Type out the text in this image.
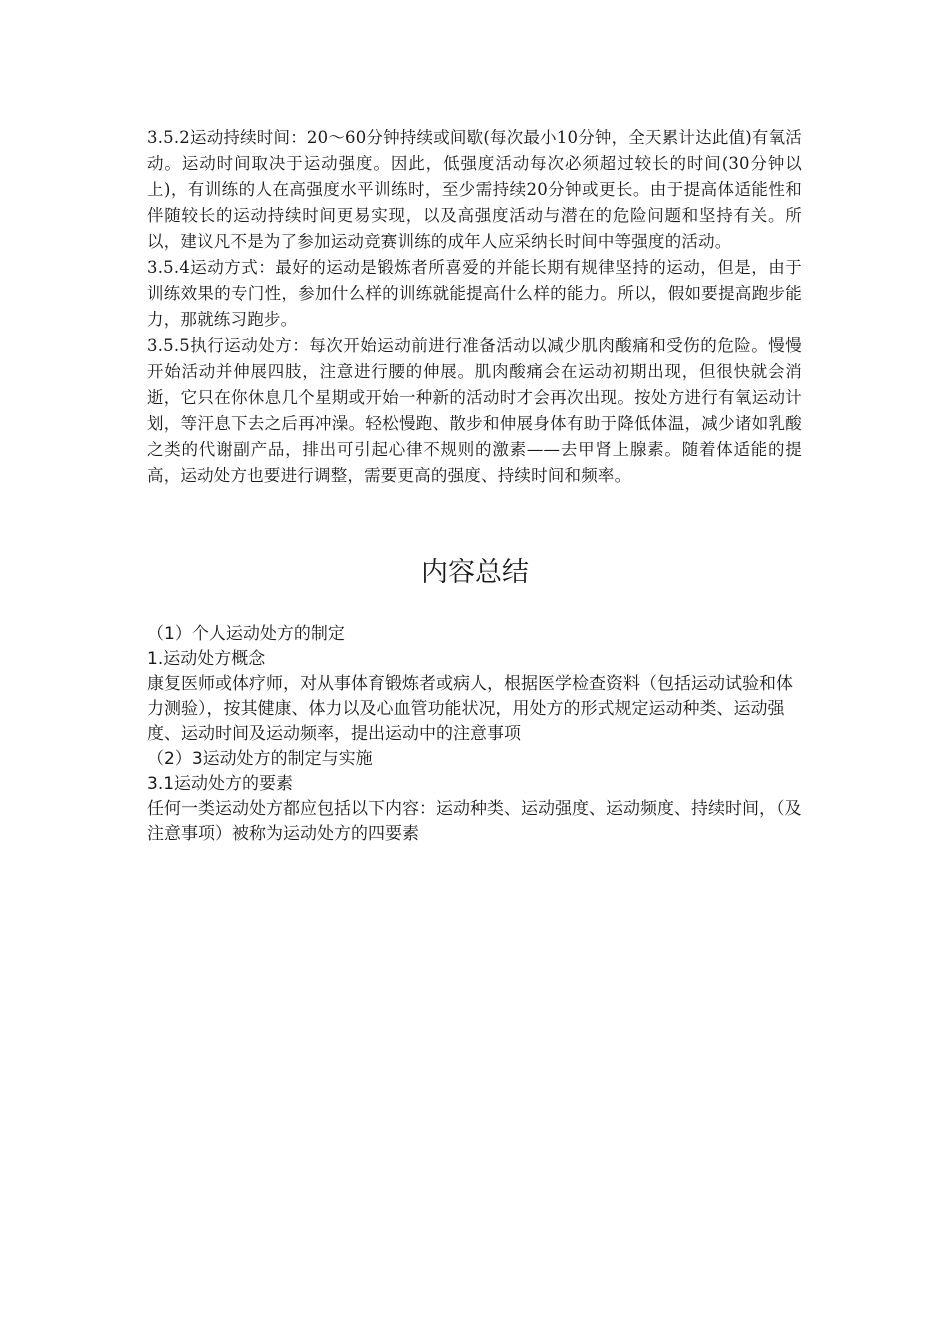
3.5.2运动持续时间：20～60分钟持续或间歇(每次最小10分钟，全天累计达此值)有氧活动。运动时间取决于运动强度。因此，低强度活动每次必须超过较长的时间(30分钟以上)，有训练的人在高强度水平训练时，至少需持续20分钟或更长。由于提高体适能性和伴随较长的运动持续时间更易实现，以及高强度活动与潜在的危险问题和坚持有关。所以，建议凡不是为了参加运动竞赛训练的成年人应采纳长时间中等强度的活动。

3.5.4运动方式：最好的运动是锻炼者所喜爱的并能长期有规律坚持的运动，但是，由于训练效果的专门性，参加什么样的训练就能提高什么样的能力。所以，假如要提高跑步能力，那就练习跑步。

3.5.5执行运动处方：每次开始运动前进行准备活动以减少肌肉酸痛和受伤的危险。慢慢开始活动并伸展四肢，注意进行腰的伸展。肌肉酸痛会在运动初期出现，但很快就会消逝，它只在你休息几个星期或开始一种新的活动时才会再次出现。按处方进行有氧运动计划，等汗息下去之后再冲澡。轻松慢跑、散步和伸展身体有助于降低体温，减少诸如乳酸之类的代谢副产品，排出可引起心律不规则的激素——去甲肾上腺素。随着体适能的提高，运动处方也要进行调整，需要更高的强度、持续时间和频率。

内容总结

（1）个人运动处方的制定

1.运动处方概念

康复医师或体疗师，对从事体育锻炼者或病人，根据医学检查资料（包括运动试验和体力测验），按其健康、体力以及心血管功能状况，用处方的形式规定运动种类、运动强度、运动时间及运动频率，提出运动中的注意事项

（2）3运动处方的制定与实施

3.1运动处方的要素

任何一类运动处方都应包括以下内容：运动种类、运动强度、运动频度、持续时间，（及注意事项）被称为运动处方的四要素
